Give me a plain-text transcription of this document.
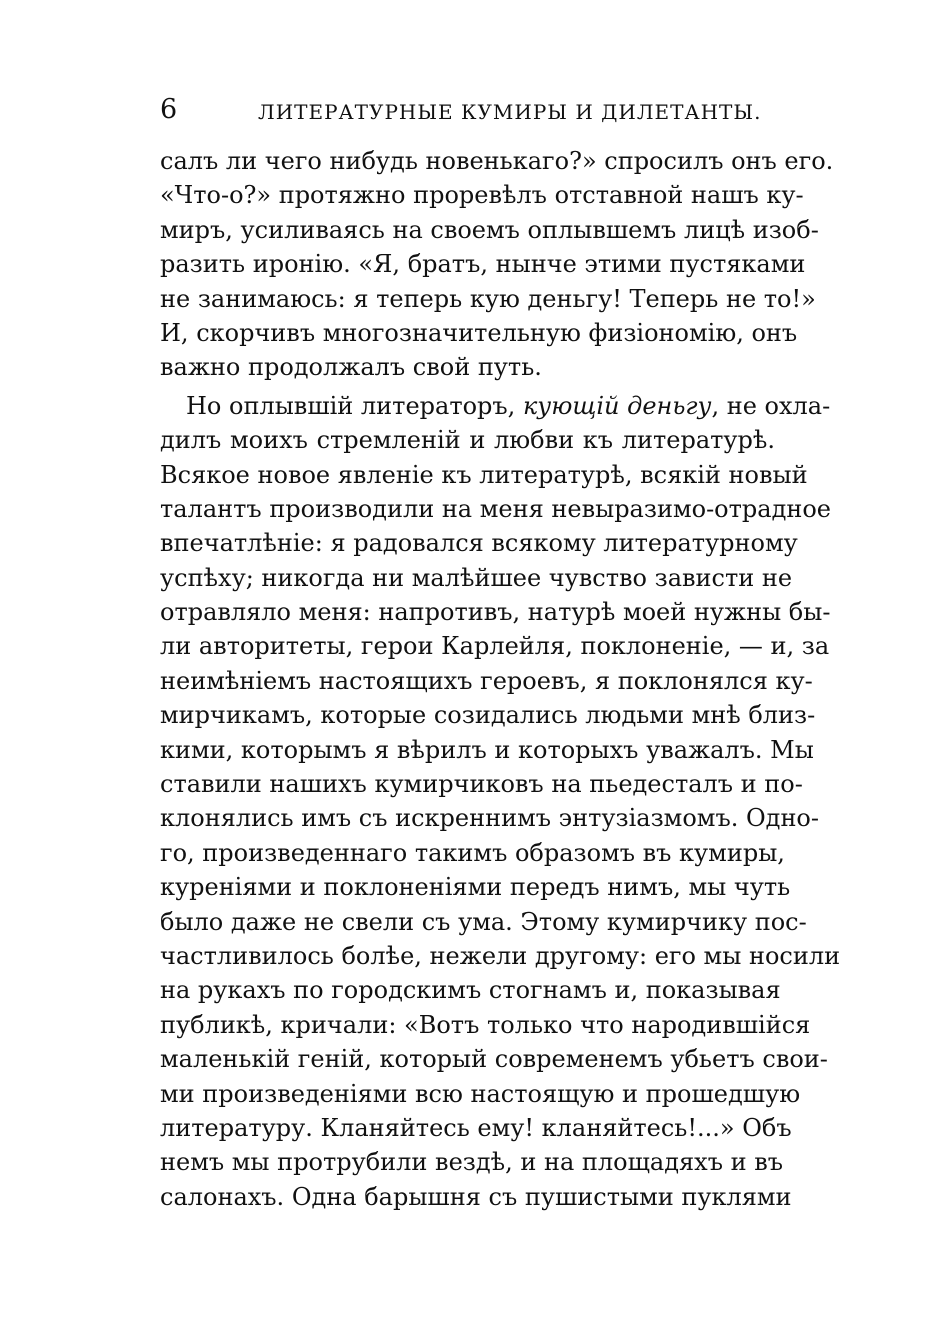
6	ЛИТЕРАТУРНЫЕ КУМИРЫ И ДИЛЕТАНТЫ.
салъ ли чего нибудь новенькаго?» спросилъ онъ его.
«Что-о?» протяжно проревѣлъ отставной нашъ ку-
миръ, усиливаясь на своемъ оплывшемъ лицѣ изоб-
разить иронію. «Я, братъ, нынче этими пустяками
не занимаюсь: я теперь кую деньгу! Теперь не то!»
И, скорчивъ многозначительную физіономію, онъ
важно продолжалъ свой путь.
Но оплывшій литераторъ, кующій деньгу, не охла-
дилъ моихъ стремленій и любви къ литературѣ.
Всякое новое явленіе къ литературѣ, всякій новый
талантъ производили на меня невыразимо-отрадное
впечатлѣніе: я радовался всякому литературному
успѣху; никогда ни малѣйшее чувство зависти не
отравляло меня: напротивъ, натурѣ моей нужны бы-
ли авторитеты, герои Карлейля, поклоненіе, — и, за
неимѣніемъ настоящихъ героевъ, я поклонялся ку-
мирчикамъ, которые созидались людьми мнѣ близ-
кими, которымъ я вѣрилъ и которыхъ уважалъ. Мы
ставили нашихъ кумирчиковъ на пьедесталъ и по-
клонялись имъ съ искреннимъ энтузіазмомъ. Одно-
го, произведеннаго такимъ образомъ въ кумиры,
куреніями и поклоненіями передъ нимъ, мы чуть
было даже не свели съ ума. Этому кумирчику пос-
частливилось болѣе, нежели другому: его мы носили
на рукахъ по городскимъ стогнамъ и, показывая
публикѣ, кричали: «Вотъ только что народившійся
маленькій геній, который современемъ убьетъ свои-
ми произведеніями всю настоящую и прошедшую
литературу. Кланяйтесь ему! кланяйтесь!...» Объ
немъ мы протрубили вездѣ, и на площадяхъ и въ
салонахъ. Одна барышня съ пушистыми пуклями
